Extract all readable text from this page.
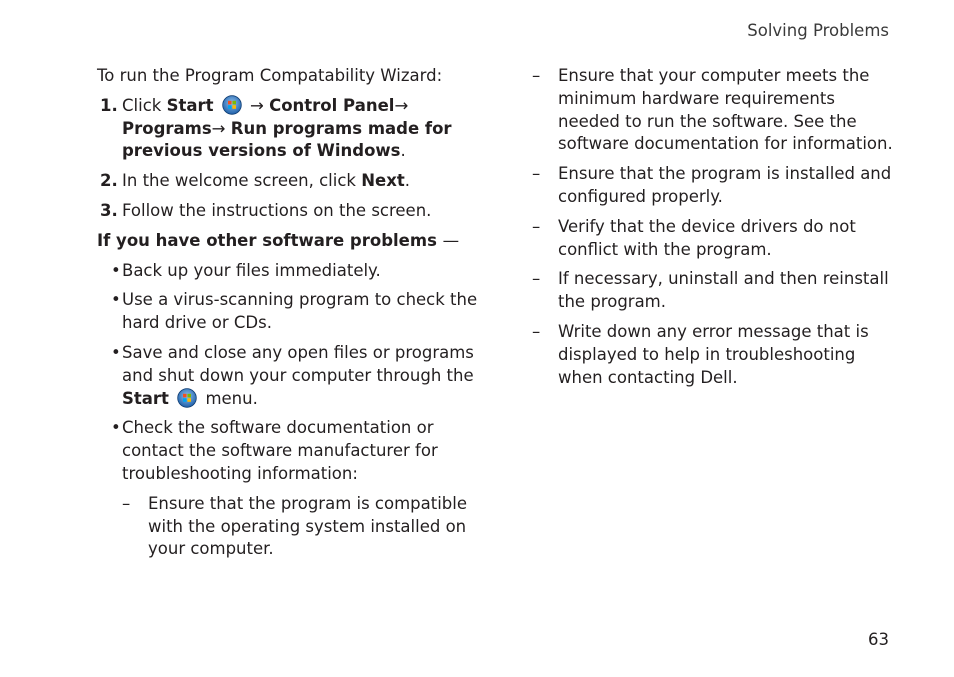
Solving Problems

To run the Program Compatability Wizard:

1. Click Start → Control Panel→ Programs→ Run programs made for previous versions of Windows.
2. In the welcome screen, click Next.
3. Follow the instructions on the screen.

If you have other software problems —

• Back up your files immediately.
• Use a virus-scanning program to check the hard drive or CDs.
• Save and close any open files or programs and shut down your computer through the Start menu.
• Check the software documentation or contact the software manufacturer for troubleshooting information:
– Ensure that the program is compatible with the operating system installed on your computer.
– Ensure that your computer meets the minimum hardware requirements needed to run the software. See the software documentation for information.
– Ensure that the program is installed and configured properly.
– Verify that the device drivers do not conflict with the program.
– If necessary, uninstall and then reinstall the program.
– Write down any error message that is displayed to help in troubleshooting when contacting Dell.
63
